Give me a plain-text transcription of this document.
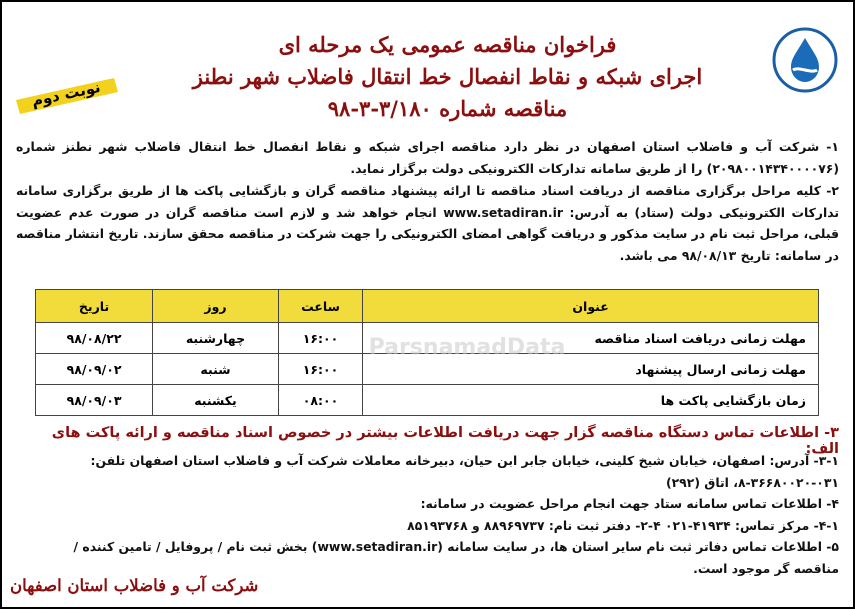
نوبت دوم
فراخوان مناقصه عمومی یک مرحله ای
اجرای شبکه و نقاط انفصال خط انتقال فاضلاب شهر نطنز
مناقصه شماره ۳/۱۸۰-۳-۹۸
۱- شرکت آب و فاضلاب استان اصفهان در نظر دارد مناقصه اجرای شبکه و نقاط انفصال خط انتقال فاضلاب شهر نطنز شماره (۲۰۹۸۰۰۱۴۳۴۰۰۰۰۷۶) را از طریق سامانه تدارکات الکترونیکی دولت برگزار نماید.
۲- کلیه مراحل برگزاری مناقصه از دریافت اسناد مناقصه تا ارائه پیشنهاد مناقصه گران و بازگشایی پاکت ها از طریق برگزاری سامانه تدارکات الکترونیکی دولت (ستاد) به آدرس: www.setadiran.ir انجام خواهد شد و لازم است مناقصه گران در صورت عدم عضویت قبلی، مراحل ثبت نام در سایت مذکور و دریافت گواهی امضای الکترونیکی را جهت شرکت در مناقصه محقق سازند. تاریخ انتشار مناقصه در سامانه: تاریخ ۹۸/۰۸/۱۳ می باشد.
عنوان	ساعت	روز	تاریخ
مهلت زمانی دریافت اسناد مناقصه	۱۶:۰۰	چهارشنبه	۹۸/۰۸/۲۲
مهلت زمانی ارسال پیشنهاد	۱۶:۰۰	شنبه	۹۸/۰۹/۰۲
زمان بازگشایی پاکت ها	۰۸:۰۰	یکشنبه	۹۸/۰۹/۰۳
ParsnamadData
۳- اطلاعات تماس دستگاه مناقصه گزار جهت دریافت اطلاعات بیشتر در خصوص اسناد مناقصه و ارائه پاکت های الف:
۳-۱- آدرس: اصفهان، خیابان شیخ کلینی، خیابان جابر ابن حیان، دبیرخانه معاملات شرکت آب و فاضلاب استان اصفهان تلفن:
۸-۳۶۶۸۰۰۲۰-۰۳۱، اتاق (۲۹۲)
۴- اطلاعات تماس سامانه ستاد جهت انجام مراحل عضویت در سامانه:
۴-۱- مرکز تماس: ۴۱۹۳۴-۰۲۱ ۴-۲- دفتر ثبت نام: ۸۸۹۶۹۷۳۷ و ۸۵۱۹۳۷۶۸
۵- اطلاعات تماس دفاتر ثبت نام سایر استان ها، در سایت سامانه (www.setadiran.ir) بخش ثبت نام / پروفایل / تامین کننده /
مناقصه گر موجود است.
شرکت آب و فاضلاب استان اصفهان
